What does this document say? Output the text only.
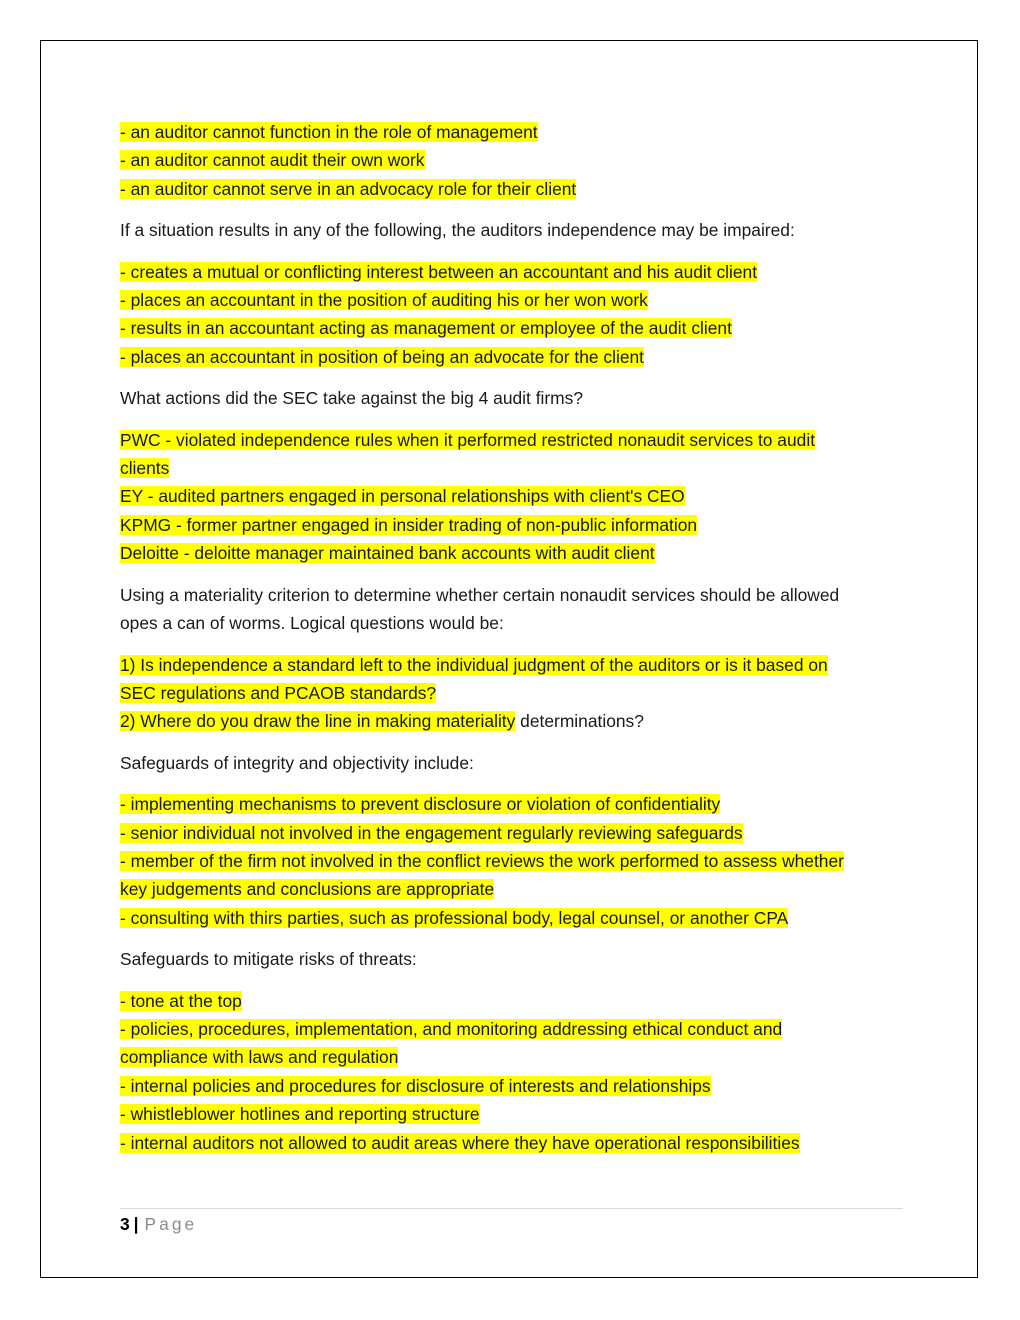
- an auditor cannot function in the role of management
- an auditor cannot audit their own work
- an auditor cannot serve in an advocacy role for their client
If a situation results in any of the following, the auditors independence may be impaired:
- creates a mutual or conflicting interest between an accountant and his audit client
- places an accountant in the position of auditing his or her won work
- results in an accountant acting as management or employee of the audit client
- places an accountant in position of being an advocate for the client
What actions did the SEC take against the big 4 audit firms?
PWC - violated independence rules when it performed restricted nonaudit services to audit
clients
EY - audited partners engaged in personal relationships with client's CEO
KPMG - former partner engaged in insider trading of non-public information
Deloitte - deloitte manager maintained bank accounts with audit client
Using a materiality criterion to determine whether certain nonaudit services should be allowed
opes a can of worms. Logical questions would be:
1) Is independence a standard left to the individual judgment of the auditors or is it based on
SEC regulations and PCAOB standards?
2) Where do you draw the line in making materiality determinations?
Safeguards of integrity and objectivity include:
- implementing mechanisms to prevent disclosure or violation of confidentiality
- senior individual not involved in the engagement regularly reviewing safeguards
- member of the firm not involved in the conflict reviews the work performed to assess whether
key judgements and conclusions are appropriate
- consulting with thirs parties, such as professional body, legal counsel, or another CPA
Safeguards to mitigate risks of threats:
- tone at the top
- policies, procedures, implementation, and monitoring addressing ethical conduct and
compliance with laws and regulation
- internal policies and procedures for disclosure of interests and relationships
- whistleblower hotlines and reporting structure
- internal auditors not allowed to audit areas where they have operational responsibilities
3 | Page
